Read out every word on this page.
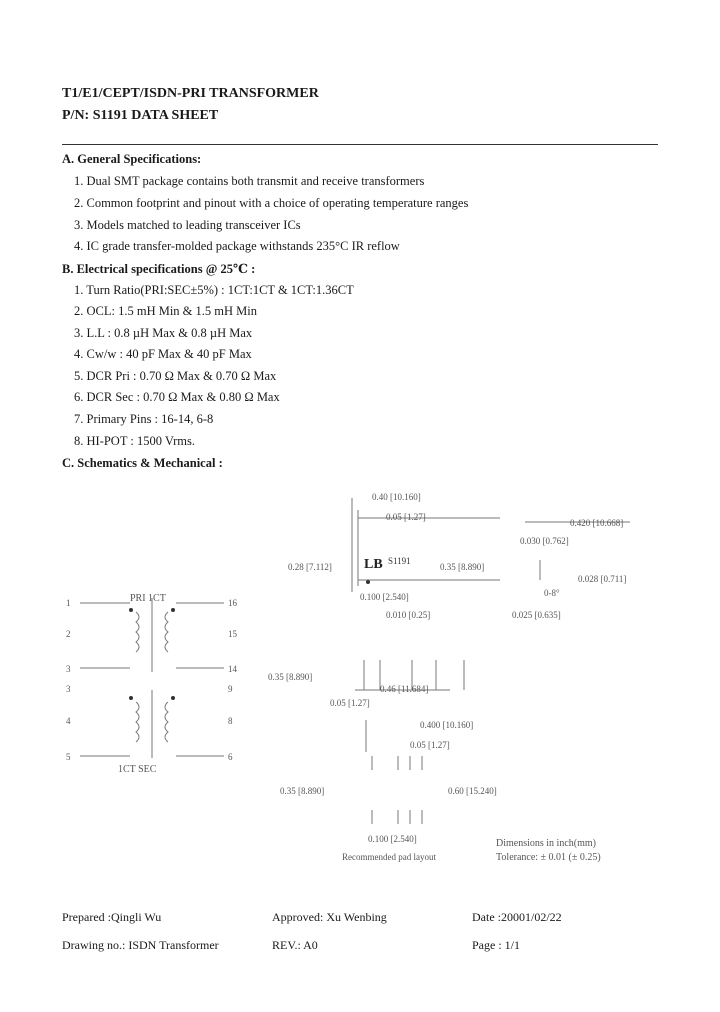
T1/E1/CEPT/ISDN-PRI TRANSFORMER
P/N: S1191 DATA SHEET
A. General Specifications:
1. Dual SMT package contains both transmit and receive transformers
2. Common footprint and pinout with a choice of operating temperature ranges
3. Models matched to leading transceiver ICs
4. IC grade transfer-molded package withstands 235°C IR reflow
B. Electrical specifications @ 25℃ :
1. Turn Ratio(PRI:SEC±5%) : 1CT:1CT & 1CT:1.36CT
2. OCL: 1.5 mH Min & 1.5 mH Min
3. L.L : 0.8 µH Max & 0.8 µH Max
4. Cw/w : 40 pF Max & 40 pF Max
5. DCR Pri : 0.70 Ω Max & 0.70 Ω Max
6. DCR Sec : 0.70 Ω Max & 0.80 Ω Max
7. Primary Pins : 16-14, 6-8
8. HI-POT : 1500 Vrms.
C. Schematics & Mechanical :
PRI 1CT
1CT SEC
1
2
3
3
4
5
16
15
14
9
8
6
0.40 [10.160]
0.05 [1.27]
0.28 [7.112]
0.420 [10.668]
0.030 [0.762]
0.35 [8.890]
LB S1191
0.100 [2.540]
0.028 [0.711]
0-8°
0.025 [0.635]
0.010 [0.25]
0.35 [8.890]
0.46 [11.684]
0.05 [1.27]
0.400 [10.160]
0.05 [1.27]
0.35 [8.890]	0.60 [15.240]
0.100 [2.540]
Recommended pad layout
Dimensions in inch(mm)
Tolerance: ± 0.01 (± 0.25)
Prepared :Qingli Wu	Approved: Xu Wenbing	Date :20001/02/22
Drawing no.: ISDN Transformer	REV.: A0	Page : 1/1
